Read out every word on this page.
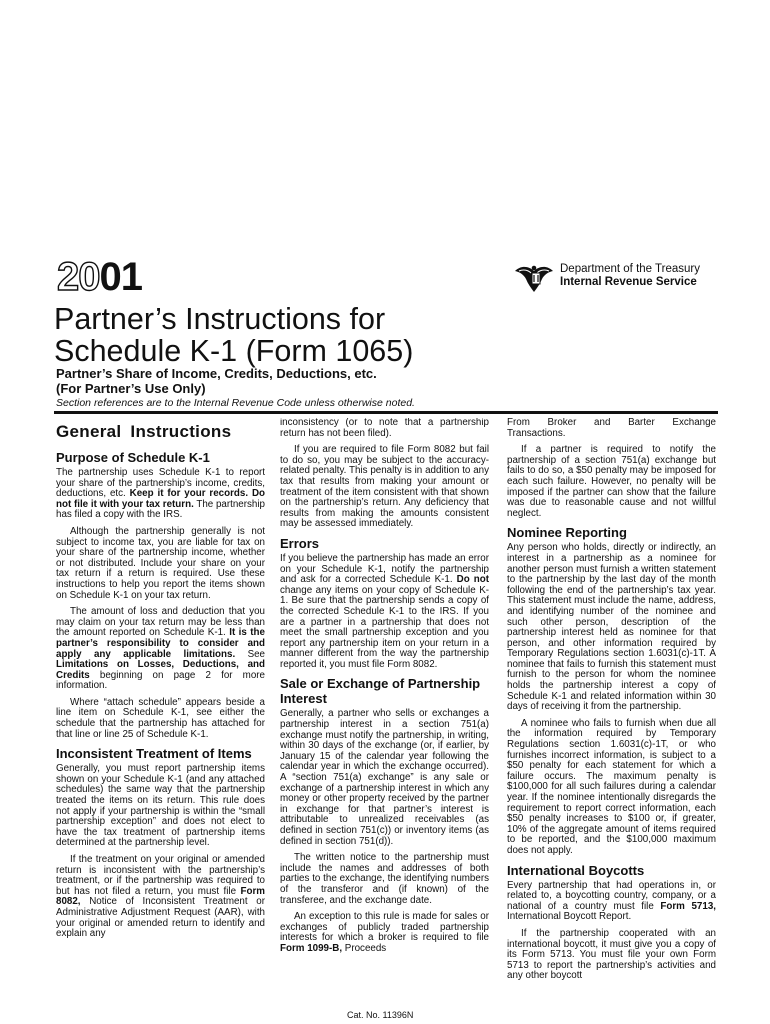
2001	Department of the Treasury
Internal Revenue Service
Partner’s Instructions for
Schedule K-1 (Form 1065)
Partner’s Share of Income, Credits, Deductions, etc.
(For Partner’s Use Only)
Section references are to the Internal Revenue Code unless otherwise noted.
General Instructions
Purpose of Schedule K-1

The partnership uses Schedule K-1 to report your share of the partnership’s income, credits, deductions, etc. Keep it for your records. Do not file it with your tax return. The partnership has filed a copy with the IRS.

Although the partnership generally is not subject to income tax, you are liable for tax on your share of the partnership income, whether or not distributed. Include your share on your tax return if a return is required. Use these instructions to help you report the items shown on Schedule K-1 on your tax return.

The amount of loss and deduction that you may claim on your tax return may be less than the amount reported on Schedule K-1. It is the partner’s responsibility to consider and apply any applicable limitations. See Limitations on Losses, Deductions, and Credits beginning on page 2 for more information.

Where “attach schedule” appears beside a line item on Schedule K-1, see either the schedule that the partnership has attached for that line or line 25 of Schedule K-1.

Inconsistent Treatment of Items

Generally, you must report partnership items shown on your Schedule K-1 (and any attached schedules) the same way that the partnership treated the items on its return. This rule does not apply if your partnership is within the “small partnership exception” and does not elect to have the tax treatment of partnership items determined at the partnership level.

If the treatment on your original or amended return is inconsistent with the partnership’s treatment, or if the partnership was required to but has not filed a return, you must file Form 8082, Notice of Inconsistent Treatment or Administrative Adjustment Request (AAR), with your original or amended return to identify and explain any

inconsistency (or to note that a partnership return has not been filed).

If you are required to file Form 8082 but fail to do so, you may be subject to the accuracy-related penalty. This penalty is in addition to any tax that results from making your amount or treatment of the item consistent with that shown on the partnership’s return. Any deficiency that results from making the amounts consistent may be assessed immediately.

Errors

If you believe the partnership has made an error on your Schedule K-1, notify the partnership and ask for a corrected Schedule K-1. Do not change any items on your copy of Schedule K-1. Be sure that the partnership sends a copy of the corrected Schedule K-1 to the IRS. If you are a partner in a partnership that does not meet the small partnership exception and you report any partnership item on your return in a manner different from the way the partnership reported it, you must file Form 8082.

Sale or Exchange of Partnership Interest

Generally, a partner who sells or exchanges a partnership interest in a section 751(a) exchange must notify the partnership, in writing, within 30 days of the exchange (or, if earlier, by January 15 of the calendar year following the calendar year in which the exchange occurred). A “section 751(a) exchange” is any sale or exchange of a partnership interest in which any money or other property received by the partner in exchange for that partner’s interest is attributable to unrealized receivables (as defined in section 751(c)) or inventory items (as defined in section 751(d)).

The written notice to the partnership must include the names and addresses of both parties to the exchange, the identifying numbers of the transferor and (if known) of the transferee, and the exchange date.

An exception to this rule is made for sales or exchanges of publicly traded partnership interests for which a broker is required to file Form 1099-B, Proceeds

From Broker and Barter Exchange Transactions.

If a partner is required to notify the partnership of a section 751(a) exchange but fails to do so, a $50 penalty may be imposed for each such failure. However, no penalty will be imposed if the partner can show that the failure was due to reasonable cause and not willful neglect.

Nominee Reporting

Any person who holds, directly or indirectly, an interest in a partnership as a nominee for another person must furnish a written statement to the partnership by the last day of the month following the end of the partnership’s tax year. This statement must include the name, address, and identifying number of the nominee and such other person, description of the partnership interest held as nominee for that person, and other information required by Temporary Regulations section 1.6031(c)-1T. A nominee that fails to furnish this statement must furnish to the person for whom the nominee holds the partnership interest a copy of Schedule K-1 and related information within 30 days of receiving it from the partnership.

A nominee who fails to furnish when due all the information required by Temporary Regulations section 1.6031(c)-1T, or who furnishes incorrect information, is subject to a $50 penalty for each statement for which a failure occurs. The maximum penalty is $100,000 for all such failures during a calendar year. If the nominee intentionally disregards the requirement to report correct information, each $50 penalty increases to $100 or, if greater, 10% of the aggregate amount of items required to be reported, and the $100,000 maximum does not apply.

International Boycotts

Every partnership that had operations in, or related to, a boycotting country, company, or a national of a country must file Form 5713, International Boycott Report.

If the partnership cooperated with an international boycott, it must give you a copy of its Form 5713. You must file your own Form 5713 to report the partnership’s activities and any other boycott

Cat. No. 11396N
